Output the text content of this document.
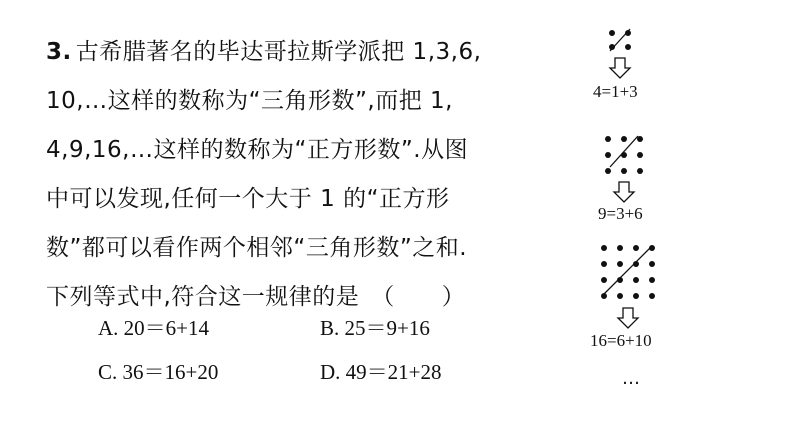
3. 古希腊著名的毕达哥拉斯学派把 1,3,6,
10,…这样的数称为“三角形数”,而把 1,
4,9,16,…这样的数称为“正方形数”.从图
中可以发现,任何一个大于 1 的“正方形
数”都可以看作两个相邻“三角形数”之和.
下列等式中,符合这一规律的是　（　　）
A. 20＝6+14	B. 25＝9+16
C. 36＝16+20	D. 49＝21+28
4=1+3
9=3+6
16=6+10
…
